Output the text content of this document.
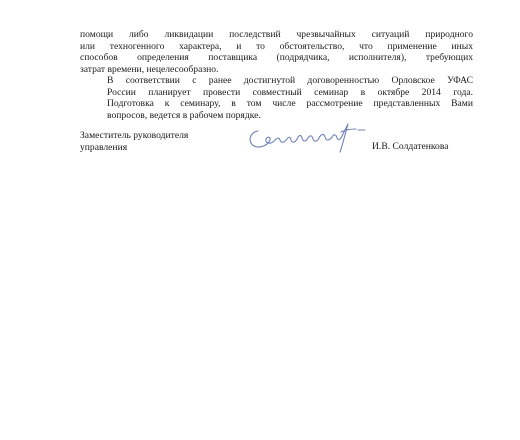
помощи либо ликвидации последствий чрезвычайных ситуаций природного
или техногенного характера, и то обстоятельство, что применение иных
способов определения поставщика (подрядчика, исполнителя), требующих
затрат времени, нецелесообразно.

В соответствии с ранее достигнутой договоренностью Орловское УФАС
России планирует провести совместный семинар в октябре 2014 года.
Подготовка к семинару, в том числе рассмотрение представленных Вами
вопросов, ведется в рабочем порядке.

Заместитель руководителя
управления	И.В. Солдатенкова
